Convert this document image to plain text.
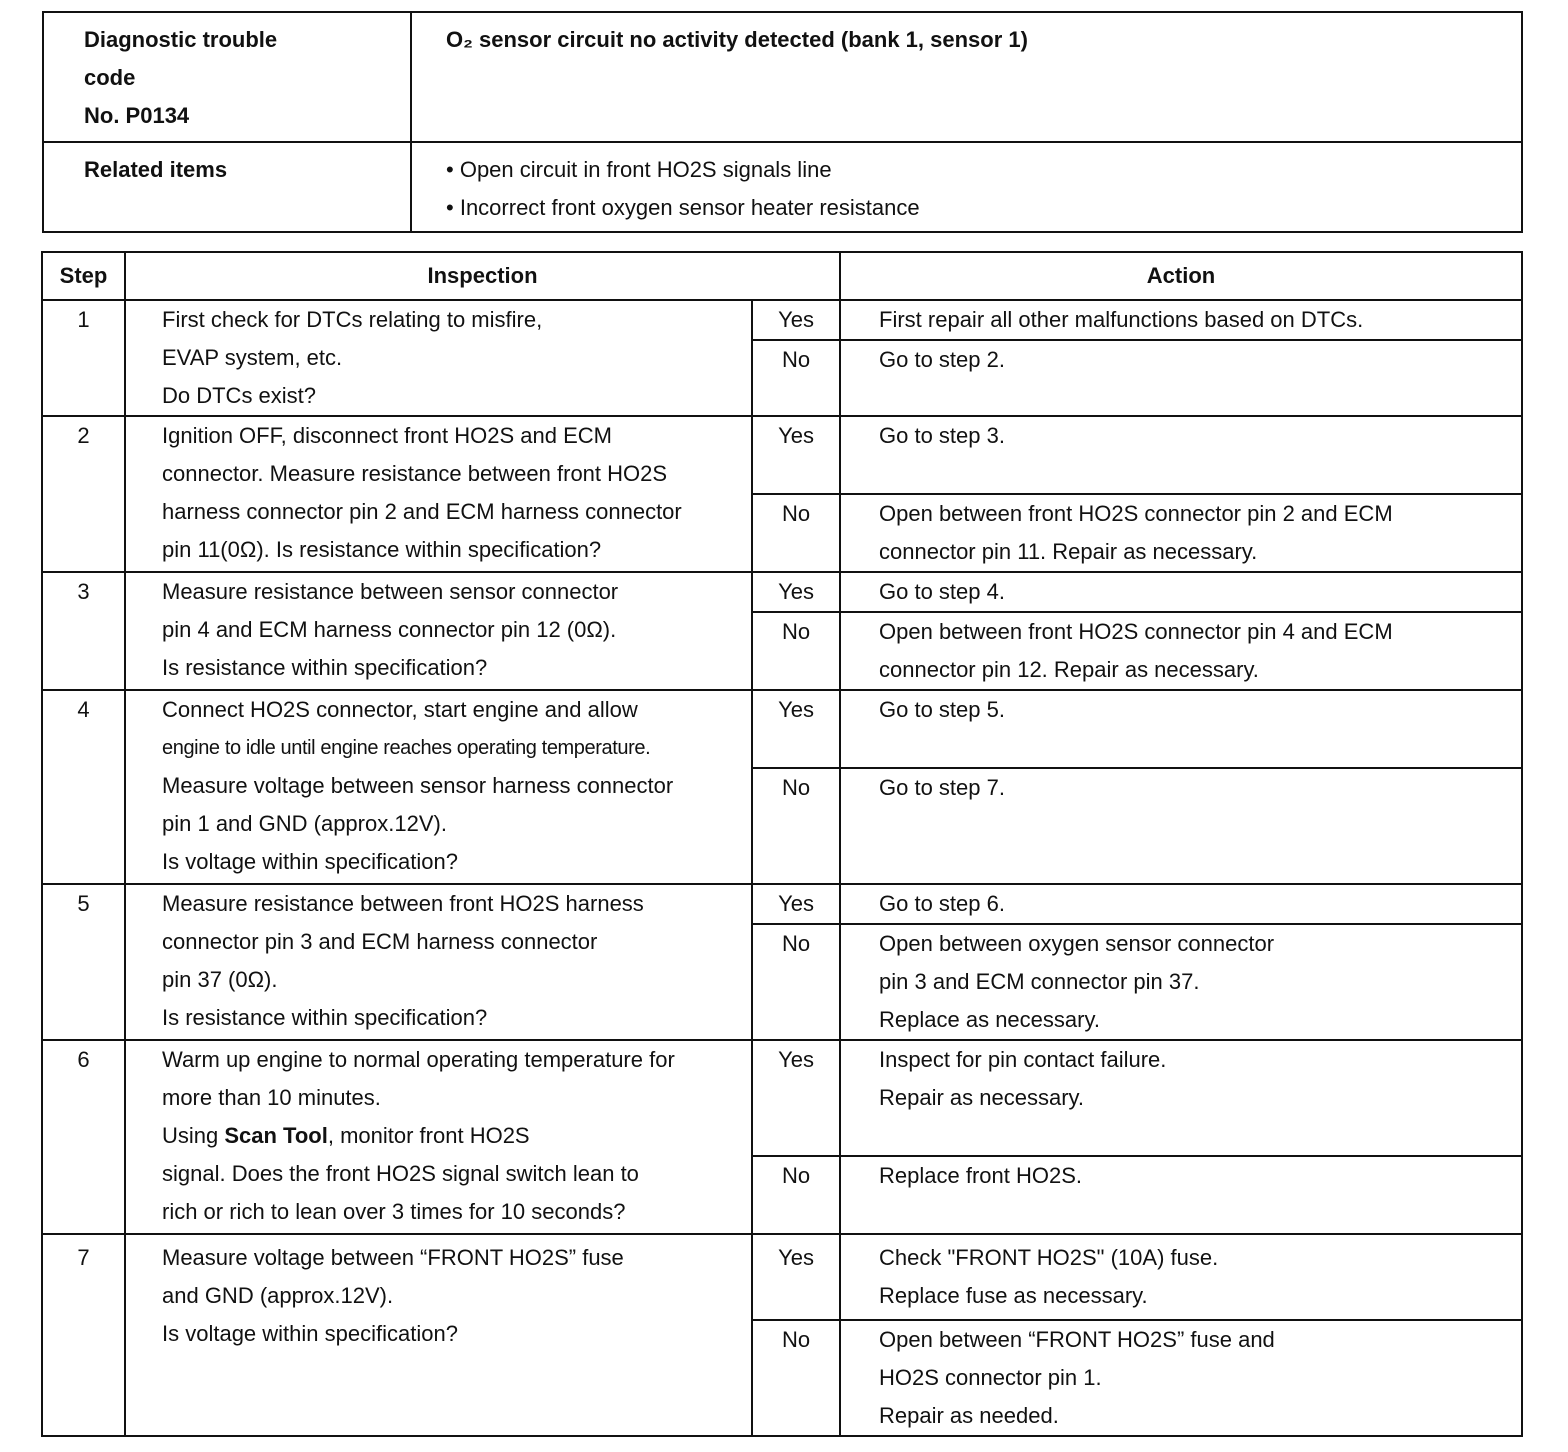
Diagnostic trouble
code
No. P0134	O₂ sensor circuit no activity detected (bank 1, sensor 1)
Related items	• Open circuit in front HO2S signals line
• Incorrect front oxygen sensor heater resistance
Step	Inspection		Action
1	First check for DTCs relating to misfire,
EVAP system, etc.
Do DTCs exist?	Yes	First repair all other malfunctions based on DTCs.

		No	Go to step 2.

2	Ignition OFF, disconnect front HO2S and ECM
connector. Measure resistance between front HO2S
harness connector pin 2 and ECM harness connector
pin 11(0Ω). Is resistance within specification?	Yes	Go to step 3.

		No	Open between front HO2S connector pin 2 and ECM
connector pin 11. Repair as necessary.

3	Measure resistance between sensor connector
pin 4 and ECM harness connector pin 12 (0Ω).
Is resistance within specification?	Yes	Go to step 4.

		No	Open between front HO2S connector pin 4 and ECM
connector pin 12. Repair as necessary.

4	Connect HO2S connector, start engine and allow
engine to idle until engine reaches operating temperature.
Measure voltage between sensor harness connector
pin 1 and GND (approx.12V).
Is voltage within specification?	Yes	Go to step 5.

		No	Go to step 7.

5	Measure resistance between front HO2S harness
connector pin 3 and ECM harness connector
pin 37 (0Ω).
Is resistance within specification?	Yes	Go to step 6.

		No	Open between oxygen sensor connector
pin 3 and ECM connector pin 37.
Replace as necessary.

6	Warm up engine to normal operating temperature for
more than 10 minutes.
Using Scan Tool, monitor front HO2S
signal. Does the front HO2S signal switch lean to
rich or rich to lean over 3 times for 10 seconds?	Yes	Inspect for pin contact failure.
Repair as necessary.

		No	Replace front HO2S.

7	Measure voltage between “FRONT HO2S” fuse
and GND (approx.12V).
Is voltage within specification?	Yes	Check "FRONT HO2S" (10A) fuse.
Replace fuse as necessary.

		No	Open between “FRONT HO2S” fuse and
HO2S connector pin 1.
Repair as needed.
